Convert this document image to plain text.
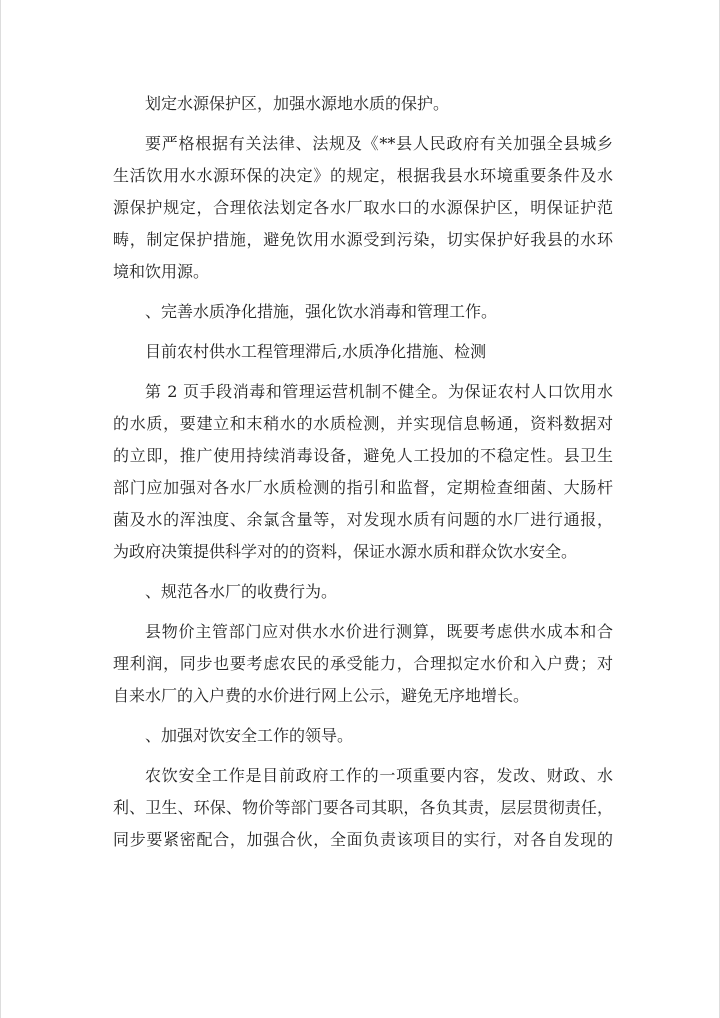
划定水源保护区，加强水源地水质的保护。
要严格根据有关法律、法规及《**县人民政府有关加强全县城乡
生活饮用水水源环保的决定》的规定，根据我县水环境重要条件及水
源保护规定，合理依法划定各水厂取水口的水源保护区，明保证护范
畴，制定保护措施，避免饮用水源受到污染，切实保护好我县的水环
境和饮用源。
、完善水质净化措施，强化饮水消毒和管理工作。
目前农村供水工程管理滞后,水质净化措施、检测
第 2 页手段消毒和管理运营机制不健全。为保证农村人口饮用水
的水质，要建立和末稍水的水质检测，并实现信息畅通，资料数据对
的立即，推广使用持续消毒设备，避免人工投加的不稳定性。县卫生
部门应加强对各水厂水质检测的指引和监督，定期检查细菌、大肠杆
菌及水的浑浊度、余氯含量等，对发现水质有问题的水厂进行通报，
为政府决策提供科学对的的资料，保证水源水质和群众饮水安全。
、规范各水厂的收费行为。
县物价主管部门应对供水水价进行测算，既要考虑供水成本和合
理利润，同步也要考虑农民的承受能力，合理拟定水价和入户费；对
自来水厂的入户费的水价进行网上公示，避免无序地增长。
、加强对饮安全工作的领导。
农饮安全工作是目前政府工作的一项重要内容，发改、财政、水
利、卫生、环保、物价等部门要各司其职，各负其责，层层贯彻责任，
同步要紧密配合，加强合伙，全面负责该项目的实行，对各自发现的
